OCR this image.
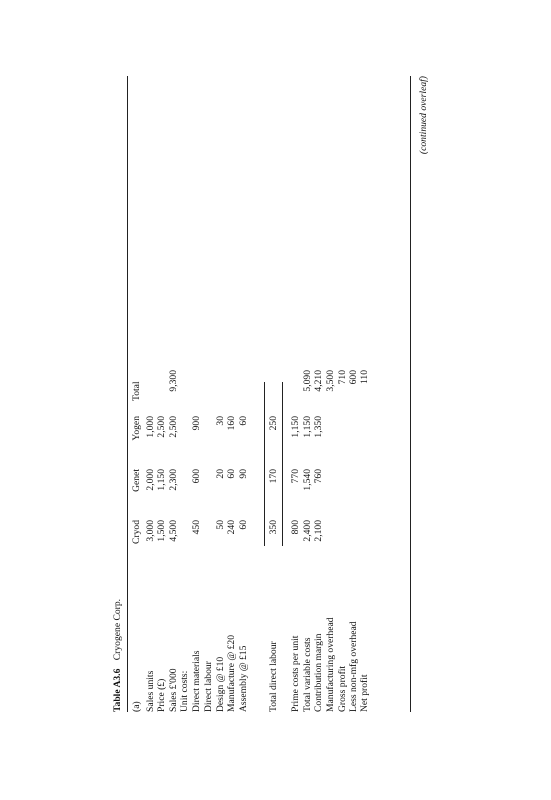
Table A3.6 Cryogene Corp.
(a)
Cryod
Genet
Yogen
Total
Sales units
3,000
2,000
1,000
Price (£)
1,500
1,150
2,500
Sales £'000
4,500
2,300
2,500
9,300
Unit costs: Direct materials
450
600
900
Direct labour Design @ £10
50
20
30
Manufacture @ £20
240
60
160
Assembly @ £15
60
90
60
Total direct labour
350
170
250
Prime costs per unit
800
770
1,150
Total variable costs
2,400
1,540
1,150
5,090
Contribution margin
2,100
760
1,350
4,210
Manufacturing overhead
3,500
Gross profit
710
Less non-mfg overhead
600
Net profit
110
(continued overleaf)
